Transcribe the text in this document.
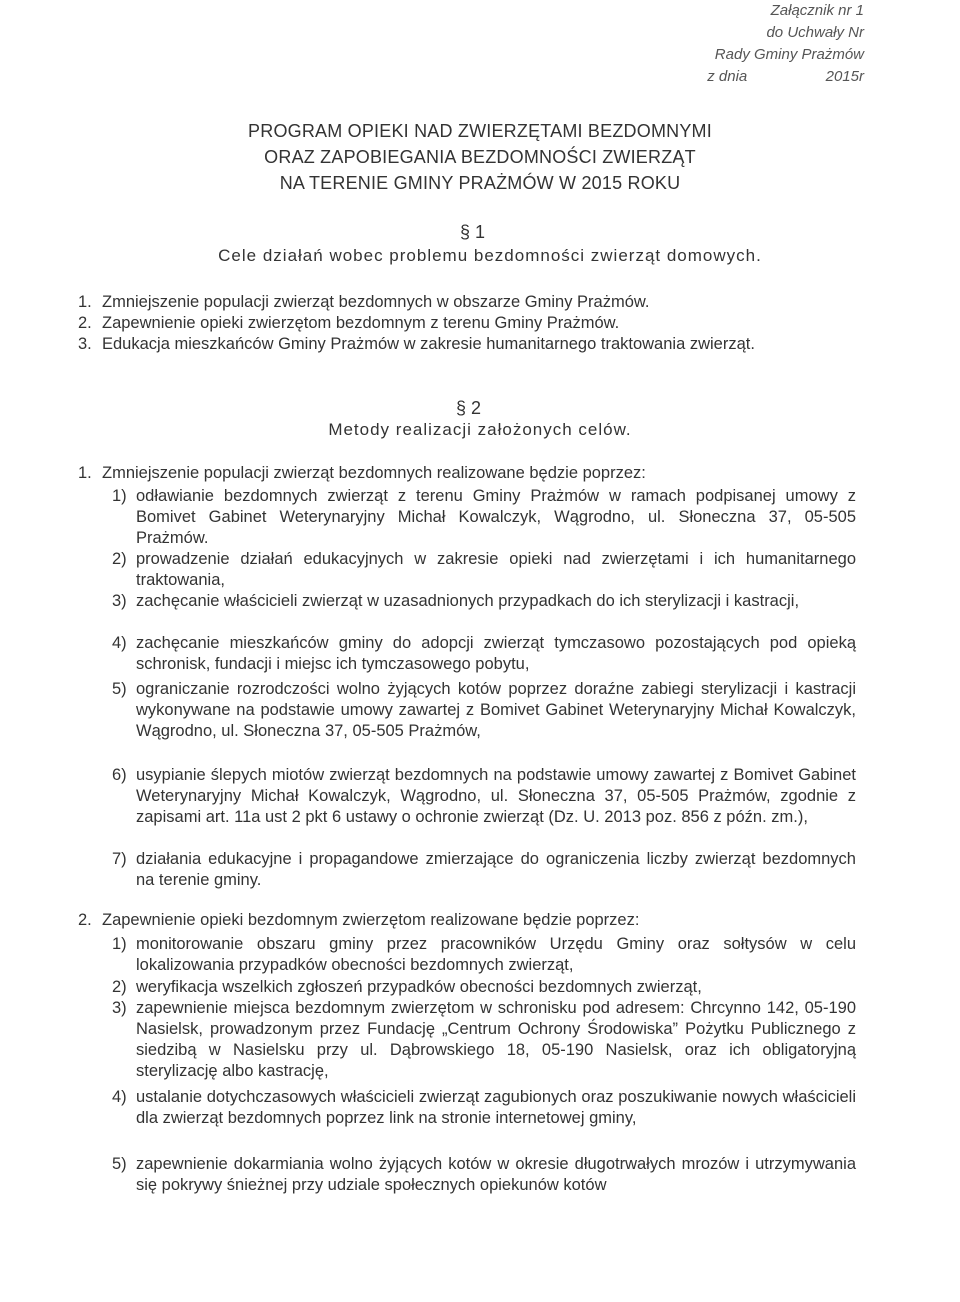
Załącznik nr 1
do Uchwały Nr
Rady Gminy Prażmów
z dnia	2015r
PROGRAM OPIEKI NAD ZWIERZĘTAMI BEZDOMNYMI
ORAZ ZAPOBIEGANIA BEZDOMNOŚCI ZWIERZĄT
NA TERENIE GMINY PRAŻMÓW W 2015 ROKU
§ 1
Cele działań wobec problemu bezdomności zwierząt domowych.
1. Zmniejszenie populacji zwierząt bezdomnych w obszarze Gminy Prażmów.
2. Zapewnienie opieki zwierzętom bezdomnym z terenu Gminy Prażmów.
3. Edukacja mieszkańców Gminy Prażmów w zakresie humanitarnego traktowania zwierząt.
§ 2
Metody realizacji założonych celów.
1. Zmniejszenie populacji zwierząt bezdomnych realizowane będzie poprzez:
1) odławianie bezdomnych zwierząt z terenu Gminy Prażmów w ramach podpisanej umowy z Bomivet Gabinet Weterynaryjny Michał Kowalczyk, Wągrodno, ul. Słoneczna 37, 05-505 Prażmów.
2) prowadzenie działań edukacyjnych w zakresie opieki nad zwierzętami i ich humanitarnego traktowania,
3) zachęcanie właścicieli zwierząt w uzasadnionych przypadkach do ich sterylizacji i kastracji,
4) zachęcanie mieszkańców gminy do adopcji zwierząt tymczasowo pozostających pod opieką schronisk, fundacji i miejsc ich tymczasowego pobytu,
5) ograniczanie rozrodczości wolno żyjących kotów poprzez doraźne zabiegi sterylizacji i kastracji wykonywane na podstawie umowy zawartej z Bomivet Gabinet Weterynaryjny Michał Kowalczyk, Wągrodno, ul. Słoneczna 37, 05-505 Prażmów,
6) usypianie ślepych miotów zwierząt bezdomnych na podstawie umowy zawartej z Bomivet Gabinet Weterynaryjny Michał Kowalczyk, Wągrodno, ul. Słoneczna 37, 05-505 Prażmów, zgodnie z zapisami art. 11a ust 2 pkt 6 ustawy o ochronie zwierząt (Dz. U. 2013 poz. 856 z późn. zm.),
7) działania edukacyjne i propagandowe zmierzające do ograniczenia liczby zwierząt bezdomnych na terenie gminy.
2. Zapewnienie opieki bezdomnym zwierzętom realizowane będzie poprzez:
1) monitorowanie obszaru gminy przez pracowników Urzędu Gminy oraz sołtysów w celu lokalizowania przypadków obecności bezdomnych zwierząt,
2) weryfikacja wszelkich zgłoszeń przypadków obecności bezdomnych zwierząt,
3) zapewnienie miejsca bezdomnym zwierzętom w schronisku pod adresem: Chrcynno 142, 05-190 Nasielsk, prowadzonym przez Fundację „Centrum Ochrony Środowiska” Pożytku Publicznego z siedzibą w Nasielsku przy ul. Dąbrowskiego 18, 05-190 Nasielsk, oraz ich obligatoryjną sterylizację albo kastrację,
4) ustalanie dotychczasowych właścicieli zwierząt zagubionych oraz poszukiwanie nowych właścicieli dla zwierząt bezdomnych poprzez link na stronie internetowej gminy,
5) zapewnienie dokarmiania wolno żyjących kotów w okresie długotrwałych mrozów i utrzymywania się pokrywy śnieżnej przy udziale społecznych opiekunów kotów
